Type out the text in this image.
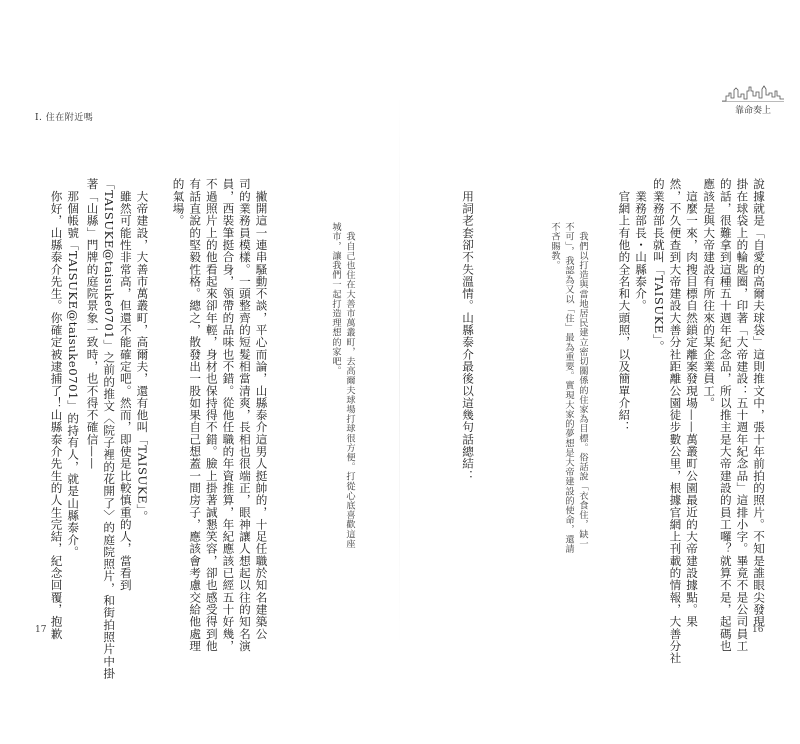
I. 住在附近嗎
靠命奏上
說據就是「自愛的高爾夫球袋」這則推文中，張十年前拍的照片。不知是誰眼尖發現
掛在球袋上的輪匙圈，印著「大帝建設：五十週年紀念品」這排小字。畢竟不是公司員工
的話，很難拿到這種五十週年紀念品，所以推主是大帝建設的員工囉？就算不是，起碼也
應該是與大帝建設有所往來的某企業員工。
　這麼一來，肉搜目標自然鎖定離案發現場——萬叢町公園最近的大帝建設據點。果
然，不久便查到大帝建設大善分社距離公園徒步數公里，根據官網上刊載的情報，大善分社
的業務部長就叫「TAISUKE」。
　業務部長・山縣泰介。
　官網上有他的全名和大頭照，以及簡單介紹：
　我們以打造與當地居民建立密切關係的住家為目標。俗話說「衣食住，缺一
不可」，我認為又以「住」最為重要。實現大家的夢想是大帝建設的使命，還請
不吝賜教。
　用詞老套卻不失溫情。山縣泰介最後以這幾句話總結：
　我自己也住在大善市萬叢町，去高爾夫球場打球很方便。打從心底喜歡這座
城市，讓我們一起打造理想的家吧。
　撇開這一連串騷動不談，平心而論，山縣泰介這男人挺帥的，十足任職於知名建築公
司的業務員模樣。一頭整齊的短髮相當清爽，長相也很端正，眼神讓人想起以往的知名演
員，西裝筆挺合身，領帶的品味也不錯。從他任職的年資推算，年紀應該已經五十好幾，
不過照片上的他看起來卻年輕，身材也保持得不錯。臉上掛著誠懇笑容，卻也感受得到他
有話直說的堅毅性格。總之，散發出一股如果自己想蓋一間房子，應該會考慮交給他處理
的氣場。
　大帝建設，大善市萬叢町，高爾夫，還有他叫「TAISUKE」。
　雖然可能性非常高，但還不能確定吧。然而，即使是比較慎重的人，當看到
「TAISUKE@taisuke0701」之前的推文〈院子裡的花開了〉的庭院照片，和街拍照片中掛
著「山縣」門牌的庭院景象一致時，也不得不確信——
　那個帳號「TAISUKE@taisuke0701」的持有人，就是山縣泰介。
　你好，山縣泰介先生。你確定被逮捕了！山縣泰介先生的人生完結，紀念回覆，抱歉
17	16
